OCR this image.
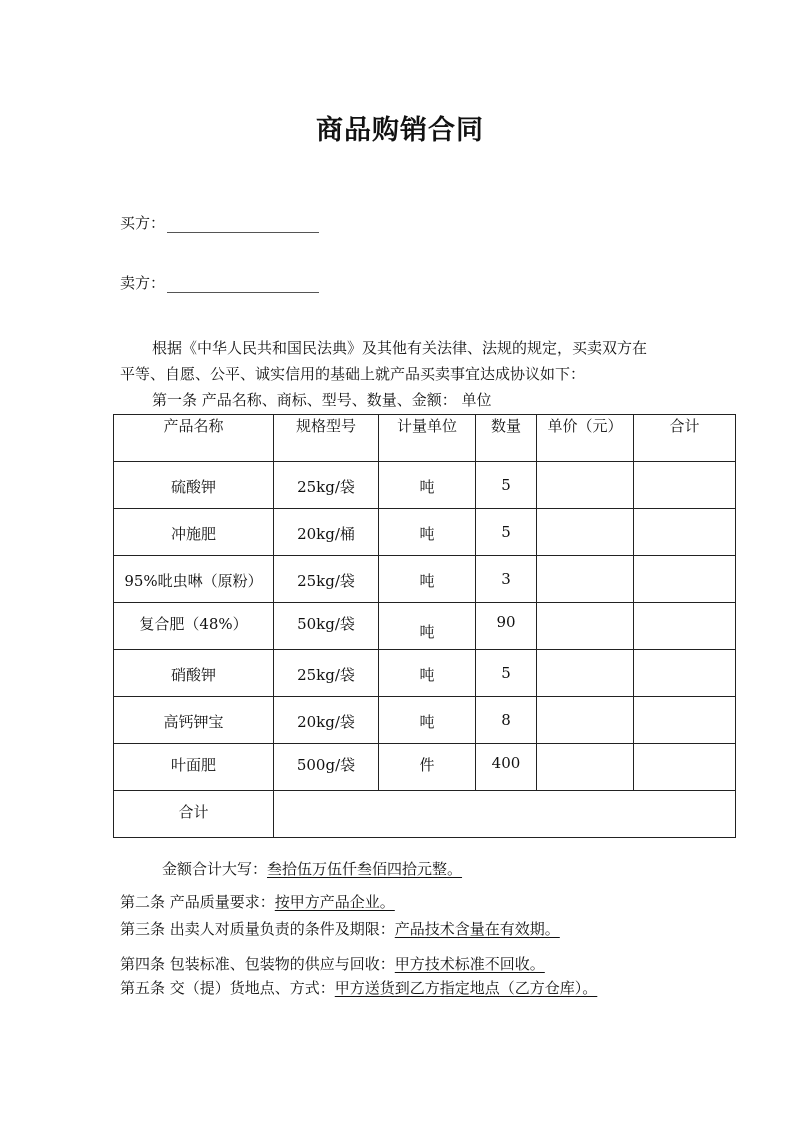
商品购销合同
买方：
卖方：
根据《中华人民共和国民法典》及其他有关法律、法规的规定，买卖双方在
平等、自愿、公平、诚实信用的基础上就产品买卖事宜达成协议如下：
第一条 产品名称、商标、型号、数量、金额： 单位
产品名称	规格型号	计量单位	数量	单价（元）	合计

硫酸钾	25kg/袋	吨	5		

冲施肥	20kg/桶	吨	5		

95%吡虫啉（原粉）	25kg/袋	吨	3		

复合肥（48%）	50kg/袋	吨	90		

硝酸钾	25kg/袋	吨	5		

高钙钾宝	20kg/袋	吨	8		

叶面肥	500g/袋	件	400		

合计					

金额合计大写：叁拾伍万伍仟叁佰四拾元整。
第二条 产品质量要求：按甲方产品企业。
第三条 出卖人对质量负责的条件及期限：产品技术含量在有效期。
第四条 包装标准、包装物的供应与回收：甲方技术标准不回收。
第五条 交（提）货地点、方式：甲方送货到乙方指定地点（乙方仓库）。
